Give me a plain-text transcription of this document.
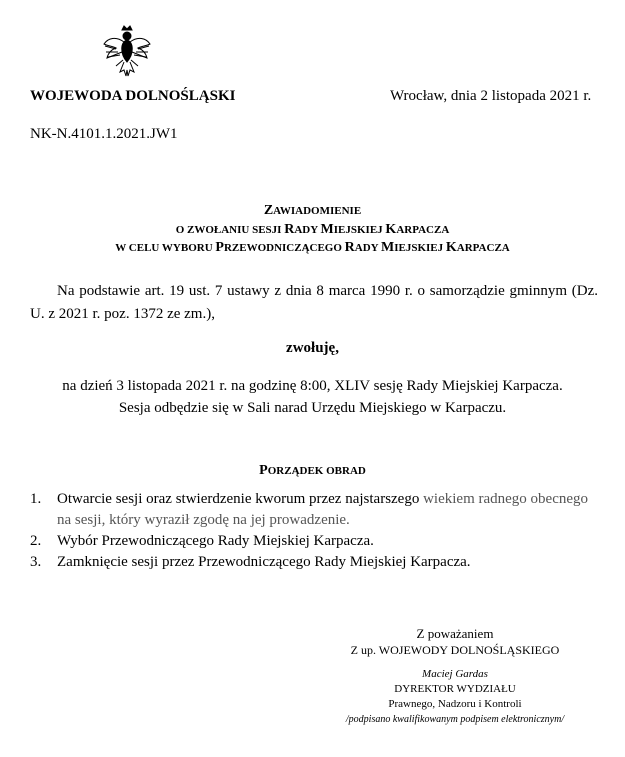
WOJEWODA DOLNOŚLĄSKI	Wrocław, dnia 2 listopada 2021 r.
NK-N.4101.1.2021.JW1
ZAWIADOMIENIE
O ZWOŁANIU SESJI RADY MIEJSKIEJ KARPACZA
W CELU WYBORU PRZEWODNICZĄCEGO RADY MIEJSKIEJ KARPACZA
Na podstawie art. 19 ust. 7 ustawy z dnia 8 marca 1990 r. o samorządzie gminnym (Dz. U. z 2021 r. poz. 1372 ze zm.),
zwołuję,
na dzień 3 listopada 2021 r. na godzinę 8:00, XLIV sesję Rady Miejskiej Karpacza.
Sesja odbędzie się w Sali narad Urzędu Miejskiego w Karpaczu.
PORZĄDEK OBRAD
1.	Otwarcie sesji oraz stwierdzenie kworum przez najstarszego wiekiem radnego obecnego na sesji, który wyraził zgodę na jej prowadzenie.
2.	Wybór Przewodniczącego Rady Miejskiej Karpacza.
3.	Zamknięcie sesji przez Przewodniczącego Rady Miejskiej Karpacza.
Z poważaniem
Z up. WOJEWODY DOLNOŚLĄSKIEGO
Maciej Gardas
DYREKTOR WYDZIAŁU
Prawnego, Nadzoru i Kontroli
/podpisano kwalifikowanym podpisem elektronicznym/
